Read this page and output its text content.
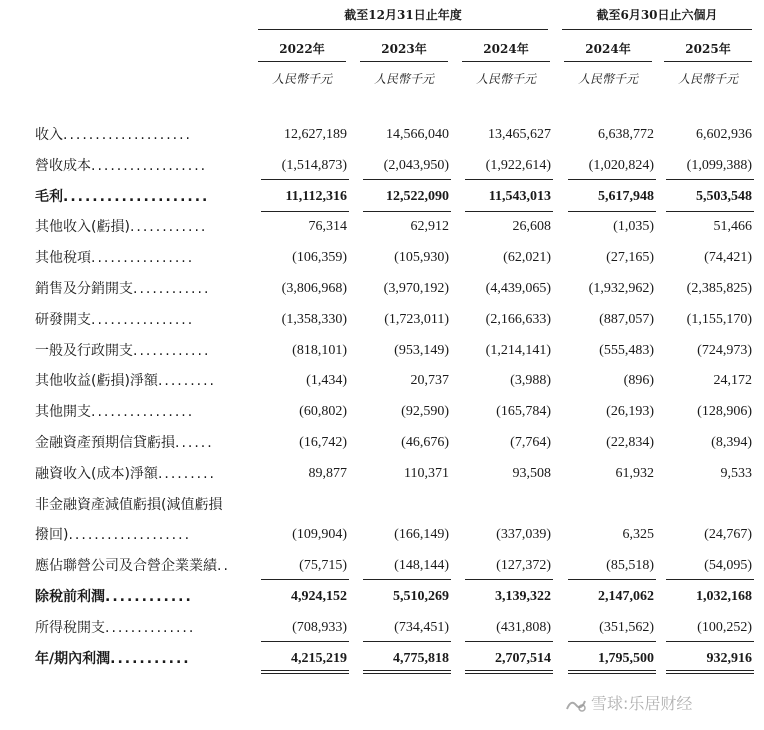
截至12月31日止年度	截至6月30日止六個月
2022年	2023年	2024年	2024年	2025年
人民幣千元	人民幣千元	人民幣千元	人民幣千元	人民幣千元
收入....................	12,627,189	14,566,040	13,465,627	6,638,772	6,602,936
營收成本..................	(1,514,873)	(2,043,950)	(1,922,614)	(1,020,824)	(1,099,388)
毛利....................	11,112,316	12,522,090	11,543,013	5,617,948	5,503,548
其他收入(虧損)............	76,314	62,912	26,608	(1,035)	51,466
其他稅項................	(106,359)	(105,930)	(62,021)	(27,165)	(74,421)
銷售及分銷開支............	(3,806,968)	(3,970,192)	(4,439,065)	(1,932,962)	(2,385,825)
研發開支................	(1,358,330)	(1,723,011)	(2,166,633)	(887,057)	(1,155,170)
一般及行政開支............	(818,101)	(953,149)	(1,214,141)	(555,483)	(724,973)
其他收益(虧損)淨額.........	(1,434)	20,737	(3,988)	(896)	24,172
其他開支................	(60,802)	(92,590)	(165,784)	(26,193)	(128,906)
金融資產預期信貸虧損......	(16,742)	(46,676)	(7,764)	(22,834)	(8,394)
融資收入(成本)淨額.........	89,877	110,371	93,508	61,932	9,533
非金融資產減值虧損(減值虧損
撥回)...................	(109,904)	(166,149)	(337,039)	6,325	(24,767)
應佔聯營公司及合營企業業績..	(75,715)	(148,144)	(127,372)	(85,518)	(54,095)
除稅前利潤............	4,924,152	5,510,269	3,139,322	2,147,062	1,032,168
所得稅開支..............	(708,933)	(734,451)	(431,808)	(351,562)	(100,252)
年/期內利潤...........	4,215,219	4,775,818	2,707,514	1,795,500	932,916
雪球:乐居财经
